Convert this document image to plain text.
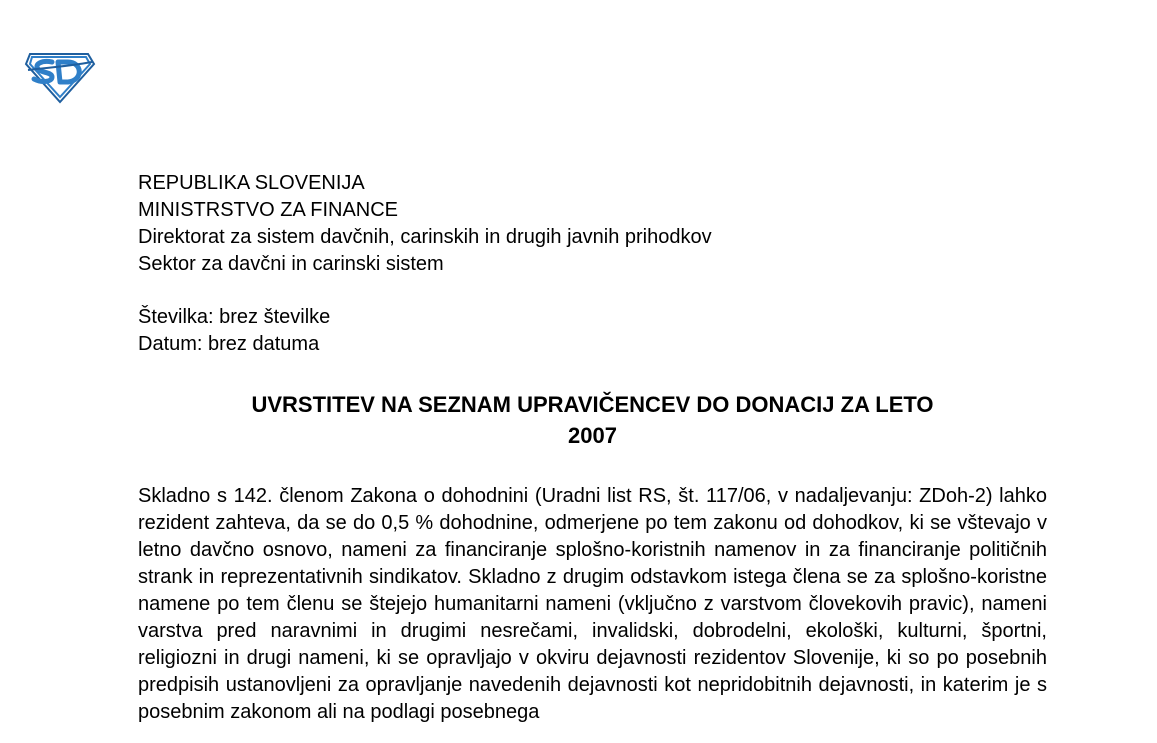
REPUBLIKA SLOVENIJA
MINISTRSTVO ZA FINANCE
Direktorat za sistem davčnih, carinskih in drugih javnih prihodkov
Sektor za davčni in carinski sistem
Številka: brez številke
Datum: brez datuma
UVRSTITEV NA SEZNAM UPRAVIČENCEV DO DONACIJ ZA LETO
2007

Skladno s 142. členom Zakona o dohodnini (Uradni list RS, št. 117/06, v nadaljevanju: ZDoh-2) lahko rezident zahteva, da se do 0,5 % dohodnine, odmerjene po tem zakonu od dohodkov, ki se vštevajo v letno davčno osnovo, nameni za financiranje splošno-koristnih namenov in za financiranje političnih strank in reprezentativnih sindikatov. Skladno z drugim odstavkom istega člena se za splošno-koristne namene po tem členu se štejejo humanitarni nameni (vključno z varstvom človekovih pravic), nameni varstva pred naravnimi in drugimi nesrečami, invalidski, dobrodelni, ekološki, kulturni, športni, religiozni in drugi nameni, ki se opravljajo v okviru dejavnosti rezidentov Slovenije, ki so po posebnih predpisih ustanovljeni za opravljanje navedenih dejavnosti kot nepridobitnih dejavnosti, in katerim je s posebnim zakonom ali na podlagi posebnega
